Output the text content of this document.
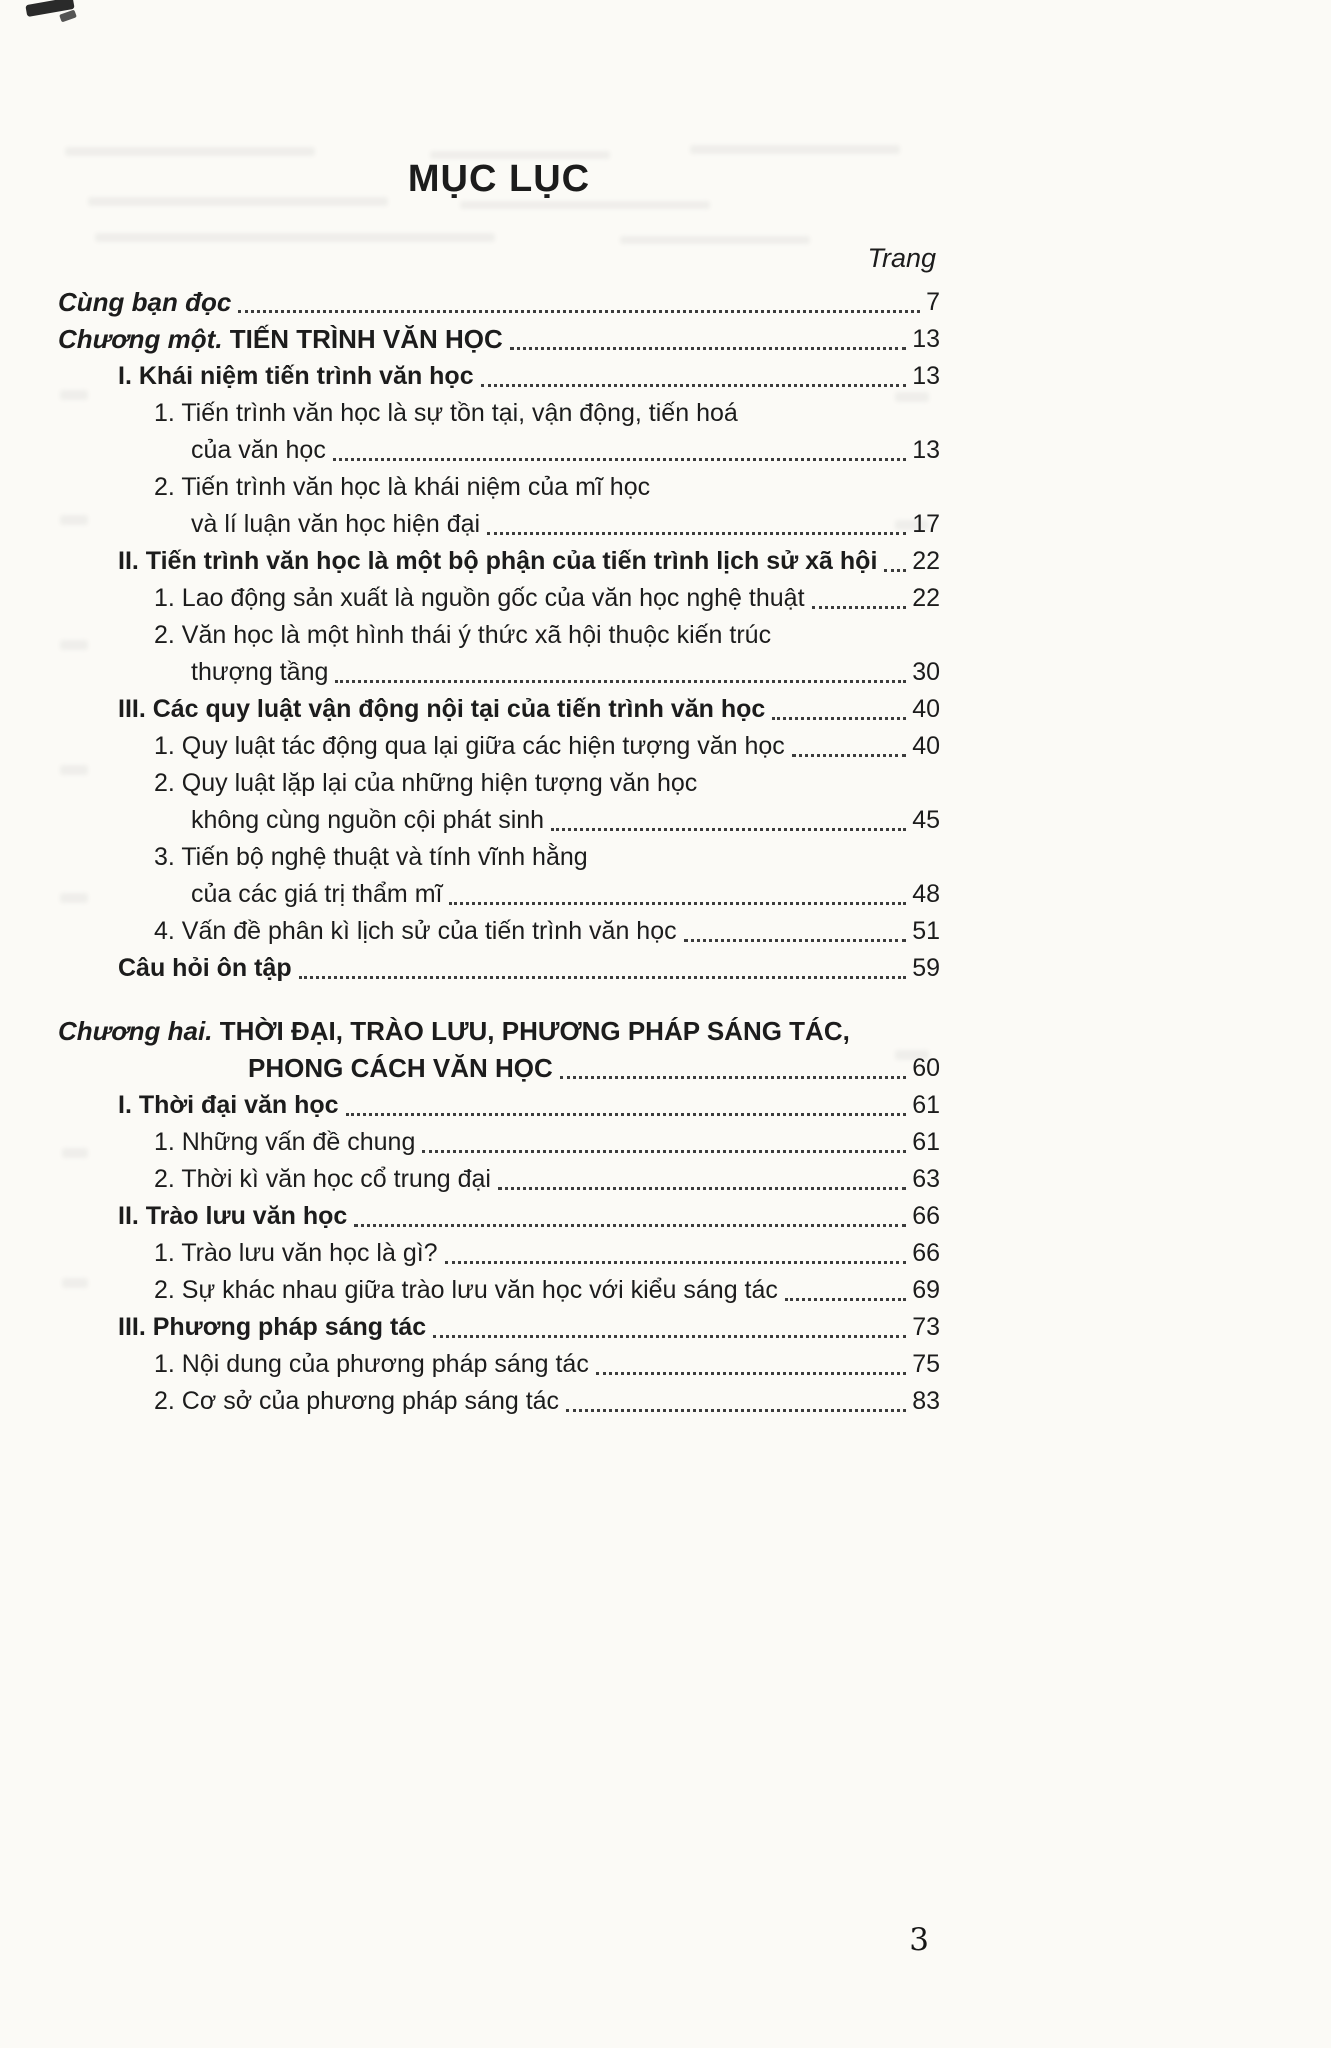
MỤC LỤC
Trang
Cùng bạn đọc	7
Chương một. TIẾN TRÌNH VĂN HỌC	13
I. Khái niệm tiến trình văn học	13
1. Tiến trình văn học là sự tồn tại, vận động, tiến hoá
của văn học	13
2. Tiến trình văn học là khái niệm của mĩ học
và lí luận văn học hiện đại	17
II. Tiến trình văn học là một bộ phận của tiến trình lịch sử xã hội 22
1. Lao động sản xuất là nguồn gốc của văn học nghệ thuật	22
2. Văn học là một hình thái ý thức xã hội thuộc kiến trúc
thượng tầng	30
III. Các quy luật vận động nội tại của tiến trình văn học	40
1. Quy luật tác động qua lại giữa các hiện tượng văn học	40
2. Quy luật lặp lại của những hiện tượng văn học
không cùng nguồn cội phát sinh	45
3. Tiến bộ nghệ thuật và tính vĩnh hằng
của các giá trị thẩm mĩ	48
4. Vấn đề phân kì lịch sử của tiến trình văn học	51
Câu hỏi ôn tập	59
Chương hai. THỜI ĐẠI, TRÀO LƯU, PHƯƠNG PHÁP SÁNG TÁC,
PHONG CÁCH VĂN HỌC	60
I. Thời đại văn học	61
1. Những vấn đề chung	61
2. Thời kì văn học cổ trung đại	63
II. Trào lưu văn học	66
1. Trào lưu văn học là gì?	66
2. Sự khác nhau giữa trào lưu văn học với kiểu sáng tác	69
III. Phương pháp sáng tác	73
1. Nội dung của phương pháp sáng tác	75
2. Cơ sở của phương pháp sáng tác	83
3
